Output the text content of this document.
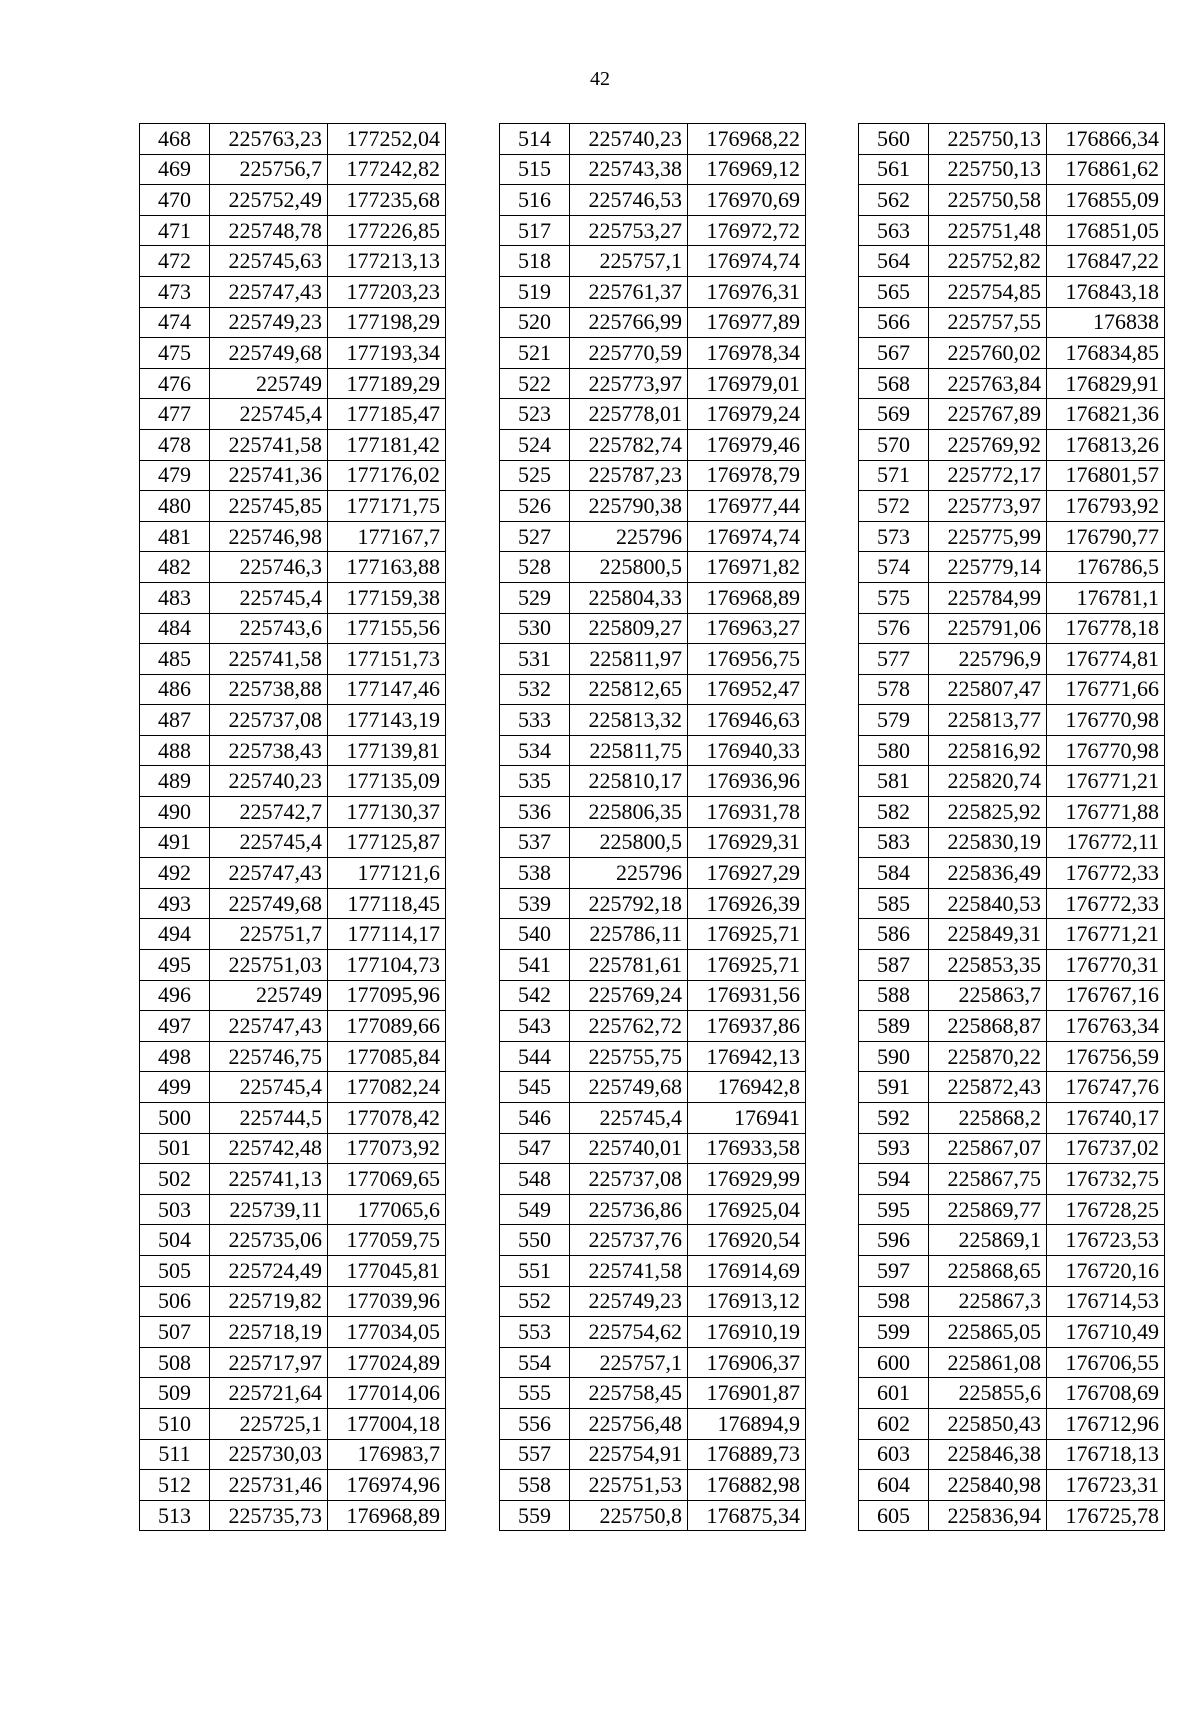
42
468	225763,23	177252,04
469	225756,7	177242,82
470	225752,49	177235,68
471	225748,78	177226,85
472	225745,63	177213,13
473	225747,43	177203,23
474	225749,23	177198,29
475	225749,68	177193,34
476	225749	177189,29
477	225745,4	177185,47
478	225741,58	177181,42
479	225741,36	177176,02
480	225745,85	177171,75
481	225746,98	177167,7
482	225746,3	177163,88
483	225745,4	177159,38
484	225743,6	177155,56
485	225741,58	177151,73
486	225738,88	177147,46
487	225737,08	177143,19
488	225738,43	177139,81
489	225740,23	177135,09
490	225742,7	177130,37
491	225745,4	177125,87
492	225747,43	177121,6
493	225749,68	177118,45
494	225751,7	177114,17
495	225751,03	177104,73
496	225749	177095,96
497	225747,43	177089,66
498	225746,75	177085,84
499	225745,4	177082,24
500	225744,5	177078,42
501	225742,48	177073,92
502	225741,13	177069,65
503	225739,11	177065,6
504	225735,06	177059,75
505	225724,49	177045,81
506	225719,82	177039,96
507	225718,19	177034,05
508	225717,97	177024,89
509	225721,64	177014,06
510	225725,1	177004,18
511	225730,03	176983,7
512	225731,46	176974,96
513	225735,73	176968,89
514	225740,23	176968,22
515	225743,38	176969,12
516	225746,53	176970,69
517	225753,27	176972,72
518	225757,1	176974,74
519	225761,37	176976,31
520	225766,99	176977,89
521	225770,59	176978,34
522	225773,97	176979,01
523	225778,01	176979,24
524	225782,74	176979,46
525	225787,23	176978,79
526	225790,38	176977,44
527	225796	176974,74
528	225800,5	176971,82
529	225804,33	176968,89
530	225809,27	176963,27
531	225811,97	176956,75
532	225812,65	176952,47
533	225813,32	176946,63
534	225811,75	176940,33
535	225810,17	176936,96
536	225806,35	176931,78
537	225800,5	176929,31
538	225796	176927,29
539	225792,18	176926,39
540	225786,11	176925,71
541	225781,61	176925,71
542	225769,24	176931,56
543	225762,72	176937,86
544	225755,75	176942,13
545	225749,68	176942,8
546	225745,4	176941
547	225740,01	176933,58
548	225737,08	176929,99
549	225736,86	176925,04
550	225737,76	176920,54
551	225741,58	176914,69
552	225749,23	176913,12
553	225754,62	176910,19
554	225757,1	176906,37
555	225758,45	176901,87
556	225756,48	176894,9
557	225754,91	176889,73
558	225751,53	176882,98
559	225750,8	176875,34
560	225750,13	176866,34
561	225750,13	176861,62
562	225750,58	176855,09
563	225751,48	176851,05
564	225752,82	176847,22
565	225754,85	176843,18
566	225757,55	176838
567	225760,02	176834,85
568	225763,84	176829,91
569	225767,89	176821,36
570	225769,92	176813,26
571	225772,17	176801,57
572	225773,97	176793,92
573	225775,99	176790,77
574	225779,14	176786,5
575	225784,99	176781,1
576	225791,06	176778,18
577	225796,9	176774,81
578	225807,47	176771,66
579	225813,77	176770,98
580	225816,92	176770,98
581	225820,74	176771,21
582	225825,92	176771,88
583	225830,19	176772,11
584	225836,49	176772,33
585	225840,53	176772,33
586	225849,31	176771,21
587	225853,35	176770,31
588	225863,7	176767,16
589	225868,87	176763,34
590	225870,22	176756,59
591	225872,43	176747,76
592	225868,2	176740,17
593	225867,07	176737,02
594	225867,75	176732,75
595	225869,77	176728,25
596	225869,1	176723,53
597	225868,65	176720,16
598	225867,3	176714,53
599	225865,05	176710,49
600	225861,08	176706,55
601	225855,6	176708,69
602	225850,43	176712,96
603	225846,38	176718,13
604	225840,98	176723,31
605	225836,94	176725,78
